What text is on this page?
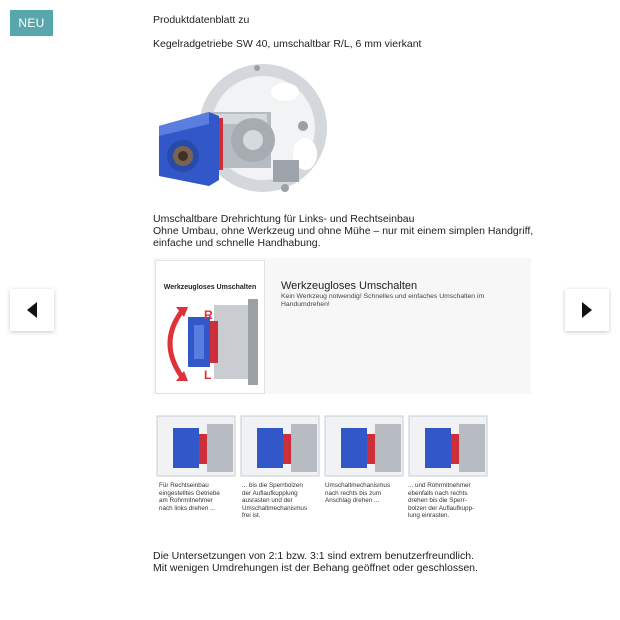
NEU	Produktdatenblatt zu
Kegelradgetriebe SW 40, umschaltbar R/L, 6 mm vierkant
Umschaltbare Drehrichtung für Links- und Rechtseinbau
Ohne Umbau, ohne Werkzeug und ohne Mühe – nur mit einem simplen Handgriff,
einfache und schnelle Handhabung.
Werkzeugloses Umschalten
R
L
Werkzeugloses Umschalten
Kein Werkzeug notwendig! Schnelles und einfaches Umschalten im
Handumdrehen!
Für Rechtseinbau
eingestelltes Getriebe
am Rohrmitnehmer
nach links drehen ...
... bis die Sperrbolzen
der Auflaufkupplung
ausrasten und der
Umschaltmechanismus
frei ist.
Umschaltmechanismus
nach rechts bis zum
Anschlag drehen ...
... und Rohrmitnehmer
ebenfalls nach rechts
drehen bis die Sperr-
bolzen der Auflaufkupp-
lung einrasten.
Die Untersetzungen von 2:1 bzw. 3:1 sind extrem benutzerfreundlich.
Mit wenigen Umdrehungen ist der Behang geöffnet oder geschlossen.
